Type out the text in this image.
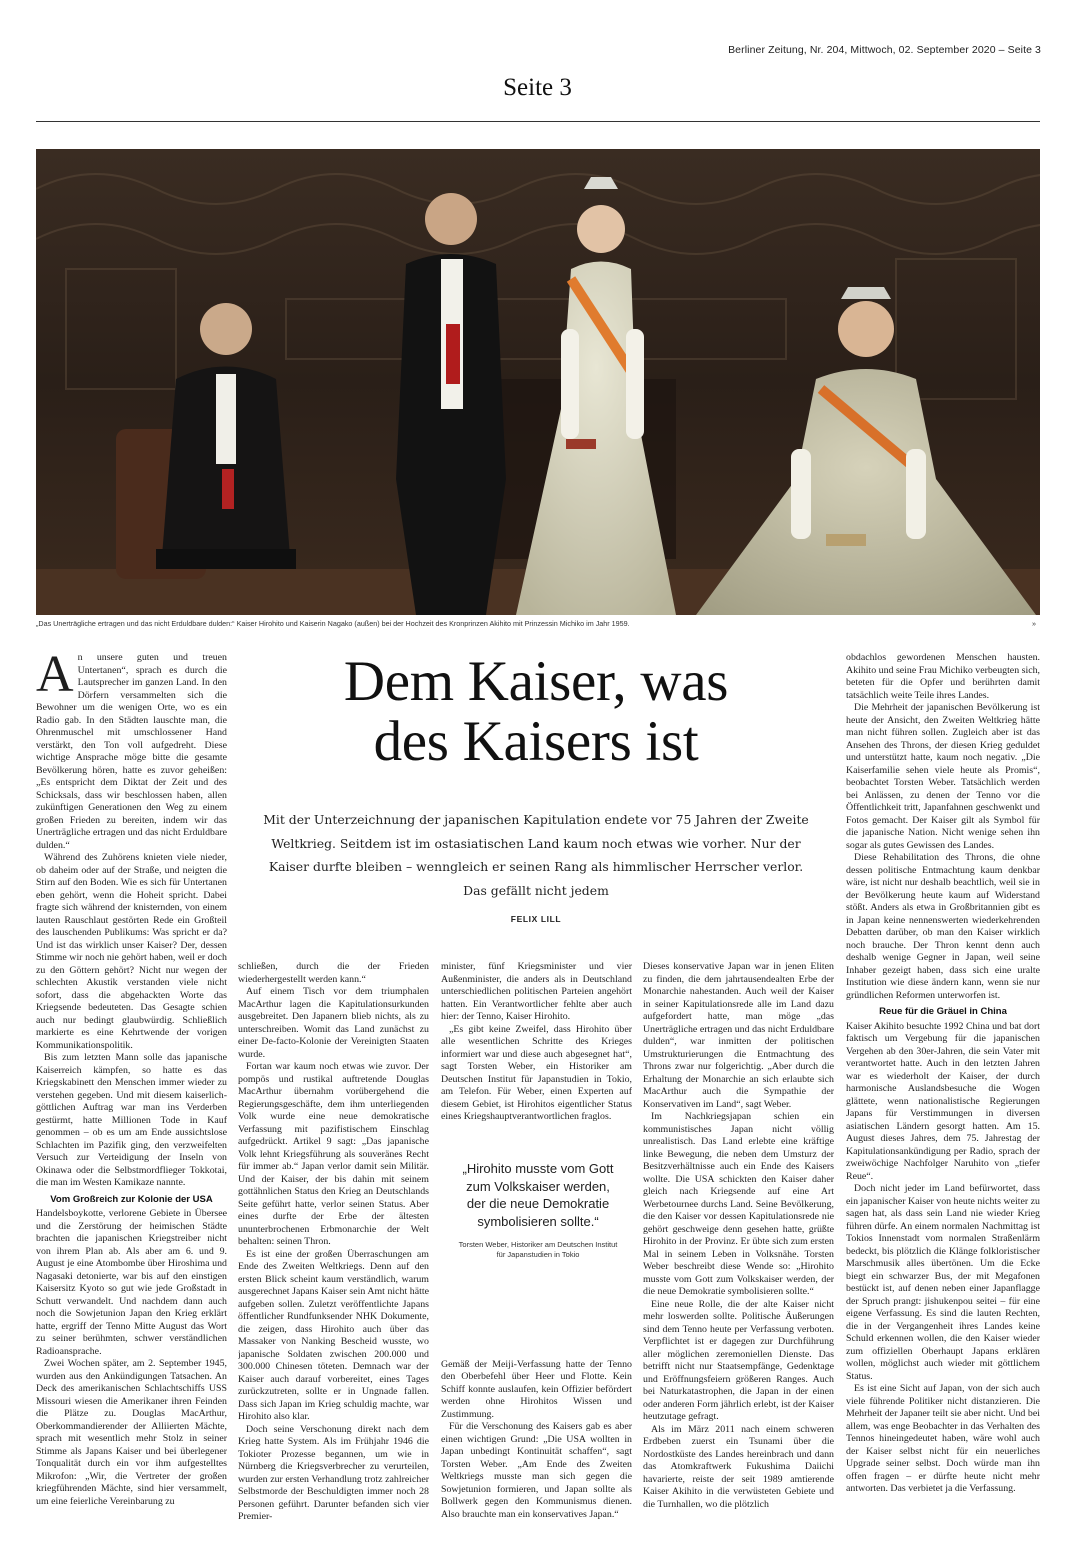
Berliner Zeitung, Nr. 204, Mittwoch, 02. September 2020 – Seite 3
Seite 3
„Das Unerträgliche ertragen und das nicht Erduldbare dulden:“ Kaiser Hirohito und Kaiserin Nagako (außen) bei der Hochzeit des Kronprinzen Akihito mit Prinzessin Michiko im Jahr 1959.	»

An unsere guten und treuen Untertanen“, sprach es durch die Lautsprecher im ganzen Land. In den Dörfern versammelten sich die Bewohner um die wenigen Orte, wo es ein Radio gab. In den Städten lauschte man, die Ohrenmuschel mit umschlossener Hand verstärkt, den Ton voll aufgedreht. Diese wichtige Ansprache möge bitte die gesamte Bevölkerung hören, hatte es zuvor geheißen: „Es entspricht dem Diktat der Zeit und des Schicksals, dass wir beschlossen haben, allen zukünftigen Generationen den Weg zu einem großen Frieden zu bereiten, indem wir das Unerträgliche ertragen und das nicht Erduldbare dulden.“

Während des Zuhörens knieten viele nieder, ob daheim oder auf der Straße, und neigten die Stirn auf den Boden. Wie es sich für Untertanen eben gehört, wenn die Hoheit spricht. Dabei fragte sich während der knisternden, von einem lauten Rauschlaut gestörten Rede ein Großteil des lauschenden Publikums: Was spricht er da? Und ist das wirklich unser Kaiser? Der, dessen Stimme wir noch nie gehört haben, weil er doch zu den Göttern gehört? Nicht nur wegen der schlechten Akustik verstanden viele nicht sofort, dass die abgehackten Worte das Kriegsende bedeuteten. Das Gesagte schien auch nur bedingt glaubwürdig. Schließlich markierte es eine Kehrtwende der vorigen Kommunikationspolitik.

Bis zum letzten Mann solle das japanische Kaiserreich kämpfen, so hatte es das Kriegskabinett den Menschen immer wieder zu verstehen gegeben. Und mit diesem kaiserlich-göttlichen Auftrag war man ins Verderben gestürmt, hatte Millionen Tode in Kauf genommen – ob es um am Ende aussichtslose Schlachten im Pazifik ging, den verzweifelten Versuch zur Verteidigung der Inseln von Okinawa oder die Selbstmordflieger Tokkotai, die man im Westen Kamikaze nannte.

Vom Großreich zur Kolonie der USA

Handelsboykotte, verlorene Gebiete in Übersee und die Zerstörung der heimischen Städte brachten die japanischen Kriegstreiber nicht von ihrem Plan ab. Als aber am 6. und 9. August je eine Atombombe über Hiroshima und Nagasaki detonierte, war bis auf den einstigen Kaisersitz Kyoto so gut wie jede Großstadt in Schutt verwandelt. Und nachdem dann auch noch die Sowjetunion Japan den Krieg erklärt hatte, ergriff der Tenno Mitte August das Wort zu seiner berühmten, schwer verständlichen Radioansprache.

Zwei Wochen später, am 2. September 1945, wurden aus den Ankündigungen Tatsachen. An Deck des amerikanischen Schlachtschiffs USS Missouri wiesen die Amerikaner ihren Feinden die Plätze zu. Douglas MacArthur, Oberkommandierender der Alliierten Mächte, sprach mit wesentlich mehr Stolz in seiner Stimme als Japans Kaiser und bei überlegener Tonqualität durch ein vor ihm aufgestelltes Mikrofon: „Wir, die Vertreter der großen kriegführenden Mächte, sind hier versammelt, um eine feierliche Vereinbarung zu

Dem Kaiser, was
des Kaisers ist
Mit der Unterzeichnung der japanischen Kapitulation endete vor 75 Jahren der Zweite Weltkrieg. Seitdem ist im ostasiatischen Land kaum noch etwas wie vorher. Nur der Kaiser durfte bleiben – wenngleich er seinen Rang als himmlischer Herrscher verlor. Das gefällt nicht jedem
FELIX LILL

schließen, durch die der Frieden wiederhergestellt werden kann.“

Auf einem Tisch vor dem triumphalen MacArthur lagen die Kapitulationsurkunden ausgebreitet. Den Japanern blieb nichts, als zu unterschreiben. Womit das Land zunächst zu einer De-facto-Kolonie der Vereinigten Staaten wurde.

Fortan war kaum noch etwas wie zuvor. Der pompös und rustikal auftretende Douglas MacArthur übernahm vorübergehend die Regierungsgeschäfte, dem ihm unterliegenden Volk wurde eine neue demokratische Verfassung mit pazifistischem Einschlag aufgedrückt. Artikel 9 sagt: „Das japanische Volk lehnt Kriegsführung als souveränes Recht für immer ab.“ Japan verlor damit sein Militär. Und der Kaiser, der bis dahin mit seinem gottähnlichen Status den Krieg an Deutschlands Seite geführt hatte, verlor seinen Status. Aber eines durfte der Erbe der ältesten ununterbrochenen Erbmonarchie der Welt behalten: seinen Thron.

Es ist eine der großen Überraschungen am Ende des Zweiten Weltkriegs. Denn auf den ersten Blick scheint kaum verständlich, warum ausgerechnet Japans Kaiser sein Amt nicht hätte aufgeben sollen. Zuletzt veröffentlichte Japans öffentlicher Rundfunksender NHK Dokumente, die zeigen, dass Hirohito auch über das Massaker von Nanking Bescheid wusste, wo japanische Soldaten zwischen 200.000 und 300.000 Chinesen töteten. Demnach war der Kaiser auch darauf vorbereitet, eines Tages zurückzutreten, sollte er in Ungnade fallen. Dass sich Japan im Krieg schuldig machte, war Hirohito also klar.

Doch seine Verschonung direkt nach dem Krieg hatte System. Als im Frühjahr 1946 die Tokioter Prozesse begannen, um wie in Nürnberg die Kriegsverbrecher zu verurteilen, wurden zur ersten Verhandlung trotz zahlreicher Selbstmorde der Beschuldigten immer noch 28 Personen geführt. Darunter befanden sich vier Premier-

minister, fünf Kriegsminister und vier Außenminister, die anders als in Deutschland unterschiedlichen politischen Parteien angehört hatten. Ein Verantwortlicher fehlte aber auch hier: der Tenno, Kaiser Hirohito.

„Es gibt keine Zweifel, dass Hirohito über alle wesentlichen Schritte des Krieges informiert war und diese auch abgesegnet hat“, sagt Torsten Weber, ein Historiker am Deutschen Institut für Japanstudien in Tokio, am Telefon. Für Weber, einen Experten auf diesem Gebiet, ist Hirohitos eigentlicher Status eines Kriegshauptverantwortlichen fraglos.

Gemäß der Meiji-Verfassung hatte der Tenno den Oberbefehl über Heer und Flotte. Kein Schiff konnte auslaufen, kein Offizier befördert werden ohne Hirohitos Wissen und Zustimmung.

Für die Verschonung des Kaisers gab es aber einen wichtigen Grund: „Die USA wollten in Japan unbedingt Kontinuität schaffen“, sagt Torsten Weber. „Am Ende des Zweiten Weltkriegs musste man sich gegen die Sowjetunion formieren, und Japan sollte als Bollwerk gegen den Kommunismus dienen. Also brauchte man ein konservatives Japan.“

„Hirohito musste vom Gott zum Volkskaiser werden, der die neue Demokratie symbolisieren sollte.“
Torsten Weber, Historiker am Deutschen Institut für Japanstudien in Tokio

Dieses konservative Japan war in jenen Eliten zu finden, die dem jahrtausendealten Erbe der Monarchie nahestanden. Auch weil der Kaiser in seiner Kapitulationsrede alle im Land dazu aufgefordert hatte, man möge „das Unerträgliche ertragen und das nicht Erduldbare dulden“, war inmitten der politischen Umstrukturierungen die Entmachtung des Throns zwar nur folgerichtig. „Aber durch die Erhaltung der Monarchie an sich erlaubte sich MacArthur auch die Sympathie der Konservativen im Land“, sagt Weber.

Im Nachkriegsjapan schien ein kommunistisches Japan nicht völlig unrealistisch. Das Land erlebte eine kräftige linke Bewegung, die neben dem Umsturz der Besitzverhältnisse auch ein Ende des Kaisers wollte. Die USA schickten den Kaiser daher gleich nach Kriegsende auf eine Art Werbetournee durchs Land. Seine Bevölkerung, die den Kaiser vor dessen Kapitulationsrede nie gehört geschweige denn gesehen hatte, grüßte Hirohito in der Provinz. Er übte sich zum ersten Mal in seinem Leben in Volksnähe. Torsten Weber beschreibt diese Wende so: „Hirohito musste vom Gott zum Volkskaiser werden, der die neue Demokratie symbolisieren sollte.“

Eine neue Rolle, die der alte Kaiser nicht mehr loswerden sollte. Politische Äußerungen sind dem Tenno heute per Verfassung verboten. Verpflichtet ist er dagegen zur Durchführung aller möglichen zeremoniellen Dienste. Das betrifft nicht nur Staatsempfänge, Gedenktage und Eröffnungsfeiern größeren Ranges. Auch bei Naturkatastrophen, die Japan in der einen oder anderen Form jährlich erlebt, ist der Kaiser heutzutage gefragt.

Als im März 2011 nach einem schweren Erdbeben zuerst ein Tsunami über die Nordostküste des Landes hereinbrach und dann das Atomkraftwerk Fukushima Daiichi havarierte, reiste der seit 1989 amtierende Kaiser Akihito in die verwüsteten Gebiete und die Turnhallen, wo die plötzlich

obdachlos gewordenen Menschen hausten. Akihito und seine Frau Michiko verbeugten sich, beteten für die Opfer und berührten damit tatsächlich weite Teile ihres Landes.

Die Mehrheit der japanischen Bevölkerung ist heute der Ansicht, den Zweiten Weltkrieg hätte man nicht führen sollen. Zugleich aber ist das Ansehen des Throns, der diesen Krieg geduldet und unterstützt hatte, kaum noch negativ. „Die Kaiserfamilie sehen viele heute als Promis“, beobachtet Torsten Weber. Tatsächlich werden bei Anlässen, zu denen der Tenno vor die Öffentlichkeit tritt, Japanfahnen geschwenkt und Fotos gemacht. Der Kaiser gilt als Symbol für die japanische Nation. Nicht wenige sehen ihn sogar als gutes Gewissen des Landes.

Diese Rehabilitation des Throns, die ohne dessen politische Entmachtung kaum denkbar wäre, ist nicht nur deshalb beachtlich, weil sie in der Bevölkerung heute kaum auf Widerstand stößt. Anders als etwa in Großbritannien gibt es in Japan keine nennenswerten wiederkehrenden Debatten darüber, ob man den Kaiser wirklich noch brauche. Der Thron kennt denn auch deshalb wenige Gegner in Japan, weil seine Inhaber gezeigt haben, dass sich eine uralte Institution wie diese ändern kann, wenn sie nur gründlichen Reformen unterworfen ist.

Reue für die Gräuel in China

Kaiser Akihito besuchte 1992 China und bat dort faktisch um Vergebung für die japanischen Vergehen ab den 30er-Jahren, die sein Vater mit verantwortet hatte. Auch in den letzten Jahren war es wiederholt der Kaiser, der durch harmonische Auslandsbesuche die Wogen glättete, wenn nationalistische Regierungen Japans für Verstimmungen in diversen asiatischen Ländern gesorgt hatten. Am 15. August dieses Jahres, dem 75. Jahrestag der Kapitulationsankündigung per Radio, sprach der zweiwöchige Nachfolger Naruhito von „tiefer Reue“.

Doch nicht jeder im Land befürwortet, dass ein japanischer Kaiser von heute nichts weiter zu sagen hat, als dass sein Land nie wieder Krieg führen dürfe. An einem normalen Nachmittag ist Tokios Innenstadt vom normalen Straßenlärm bedeckt, bis plötzlich die Klänge folkloristischer Marschmusik alles übertönen. Um die Ecke biegt ein schwarzer Bus, der mit Megafonen bestückt ist, auf denen neben einer Japanflagge der Spruch prangt: jishukenpou seitei – für eine eigene Verfassung. Es sind die lauten Rechten, die in der Vergangenheit ihres Landes keine Schuld erkennen wollen, die den Kaiser wieder zum offiziellen Oberhaupt Japans erklären wollen, möglichst auch wieder mit göttlichem Status.

Es ist eine Sicht auf Japan, von der sich auch viele führende Politiker nicht distanzieren. Die Mehrheit der Japaner teilt sie aber nicht. Und bei allem, was enge Beobachter in das Verhalten des Tennos hineingedeutet haben, wäre wohl auch der Kaiser selbst nicht für ein neuerliches Upgrade seiner selbst. Doch würde man ihn offen fragen – er dürfte heute nicht mehr antworten. Das verbietet ja die Verfassung.
